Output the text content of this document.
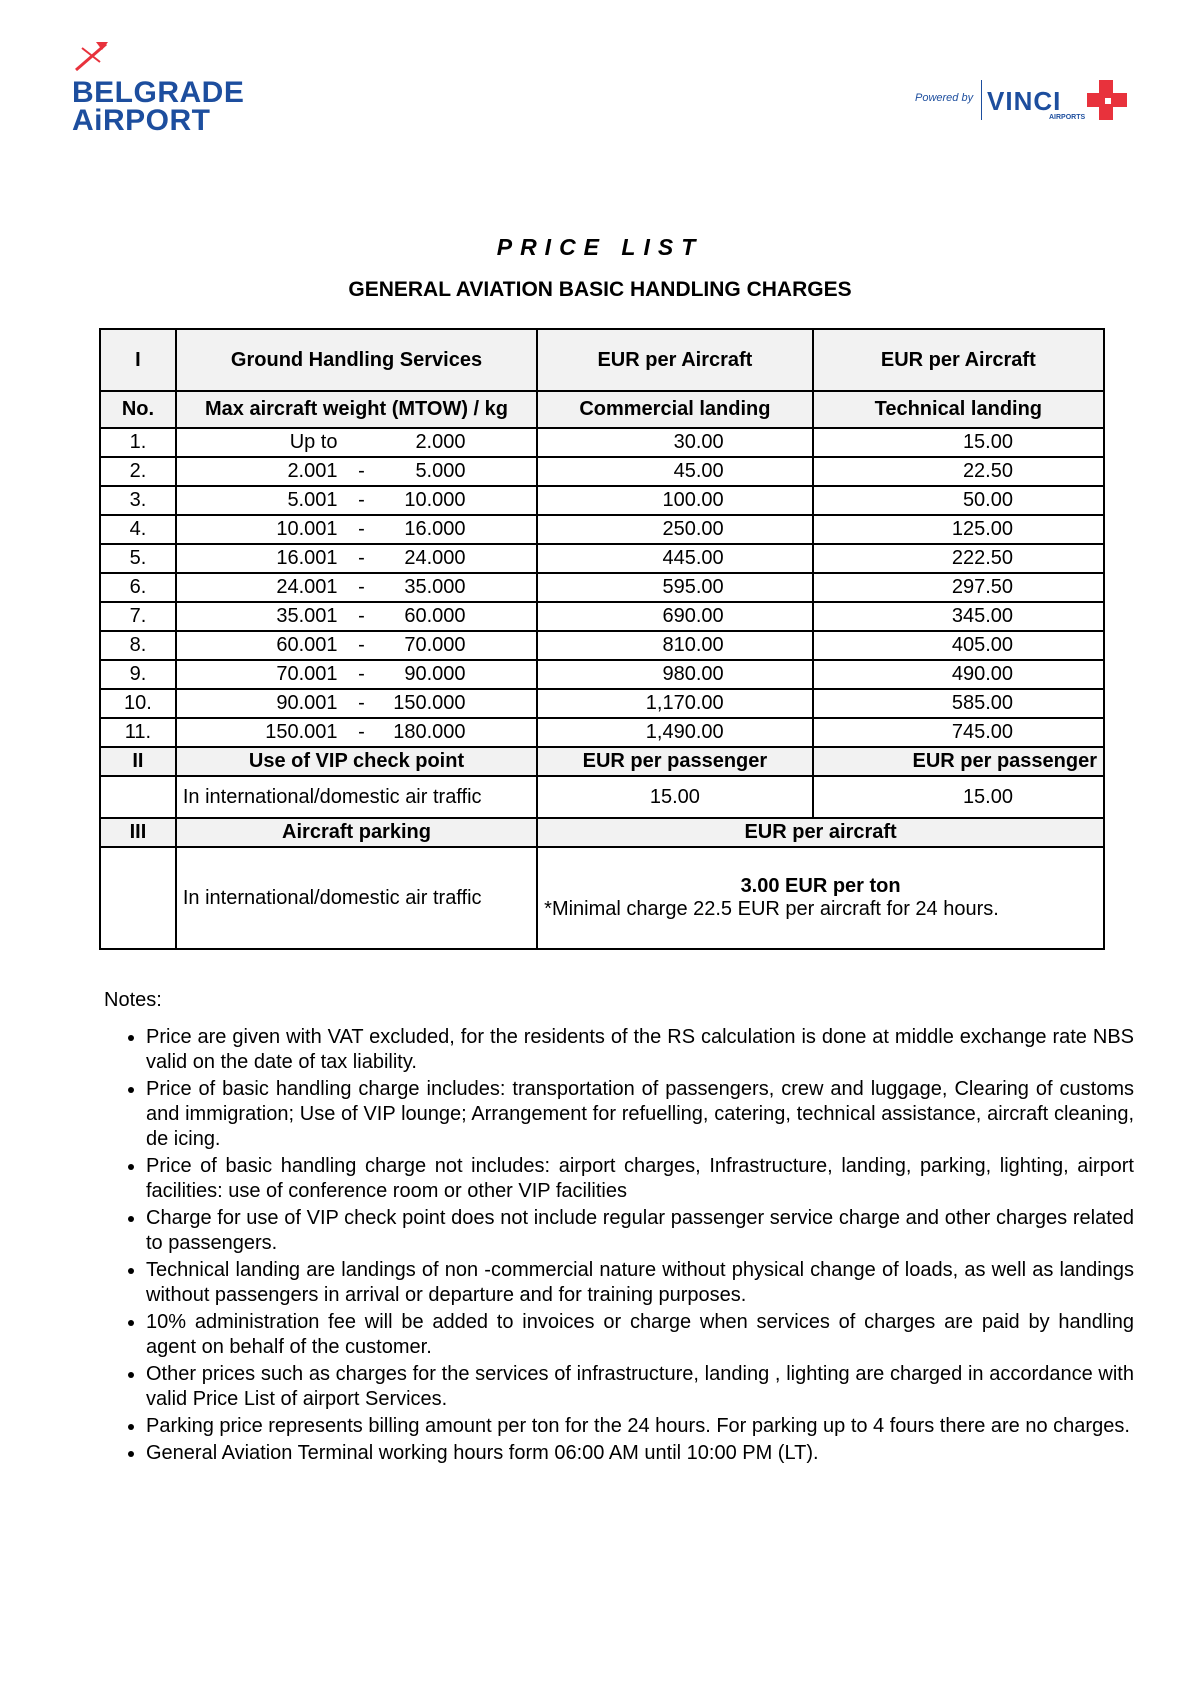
BELGRADE
AiRPORT
Powered by VINCI
AIRPORTS
PRICE LIST
GENERAL AVIATION BASIC HANDLING CHARGES
I	Ground Handling Services	EUR per Aircraft	EUR per Aircraft
No.	Max aircraft weight (MTOW) / kg	Commercial landing	Technical landing
1.	Up to 2.000	30.00	15.00
2.	2.001 - 5.000	45.00	22.50
3.	5.001 - 10.000	100.00	50.00
4.	10.001 - 16.000	250.00	125.00
5.	16.001 - 24.000	445.00	222.50
6.	24.001 - 35.000	595.00	297.50
7.	35.001 - 60.000	690.00	345.00
8.	60.001 - 70.000	810.00	405.00
9.	70.001 - 90.000	980.00	490.00
10.	90.001 - 150.000	1,170.00	585.00
11.	150.001 - 180.000	1,490.00	745.00
II	Use of VIP check point	EUR per passenger	EUR per passenger
	In international/domestic air traffic	15.00	15.00
III	Aircraft parking	EUR per aircraft	
	In international/domestic air traffic	3.00 EUR per ton
*Minimal charge 22.5 EUR per aircraft for 24 hours.	
Notes:
• Price are given with VAT excluded, for the residents of the RS calculation is done at middle exchange rate NBS valid on the date of tax liability.
• Price of basic handling charge includes: transportation of passengers, crew and luggage, Clearing of customs and immigration; Use of VIP lounge; Arrangement for refuelling, catering, technical assistance, aircraft cleaning, de icing.
• Price of basic handling charge not includes: airport charges, Infrastructure, landing, parking, lighting, airport facilities: use of conference room or other VIP facilities
• Charge for use of VIP check point does not include regular passenger service charge and other charges related to passengers.
• Technical landing are landings of non -commercial nature without physical change of loads, as well as landings without passengers in arrival or departure and for training purposes.
• 10% administration fee will be added to invoices or charge when services of charges are paid by handling agent on behalf of the customer.
• Other prices such as charges for the services of infrastructure, landing , lighting are charged in accordance with valid Price List of airport Services.
• Parking price represents billing amount per ton for the 24 hours. For parking up to 4 fours there are no charges.
• General Aviation Terminal working hours form 06:00 AM until 10:00 PM (LT).
